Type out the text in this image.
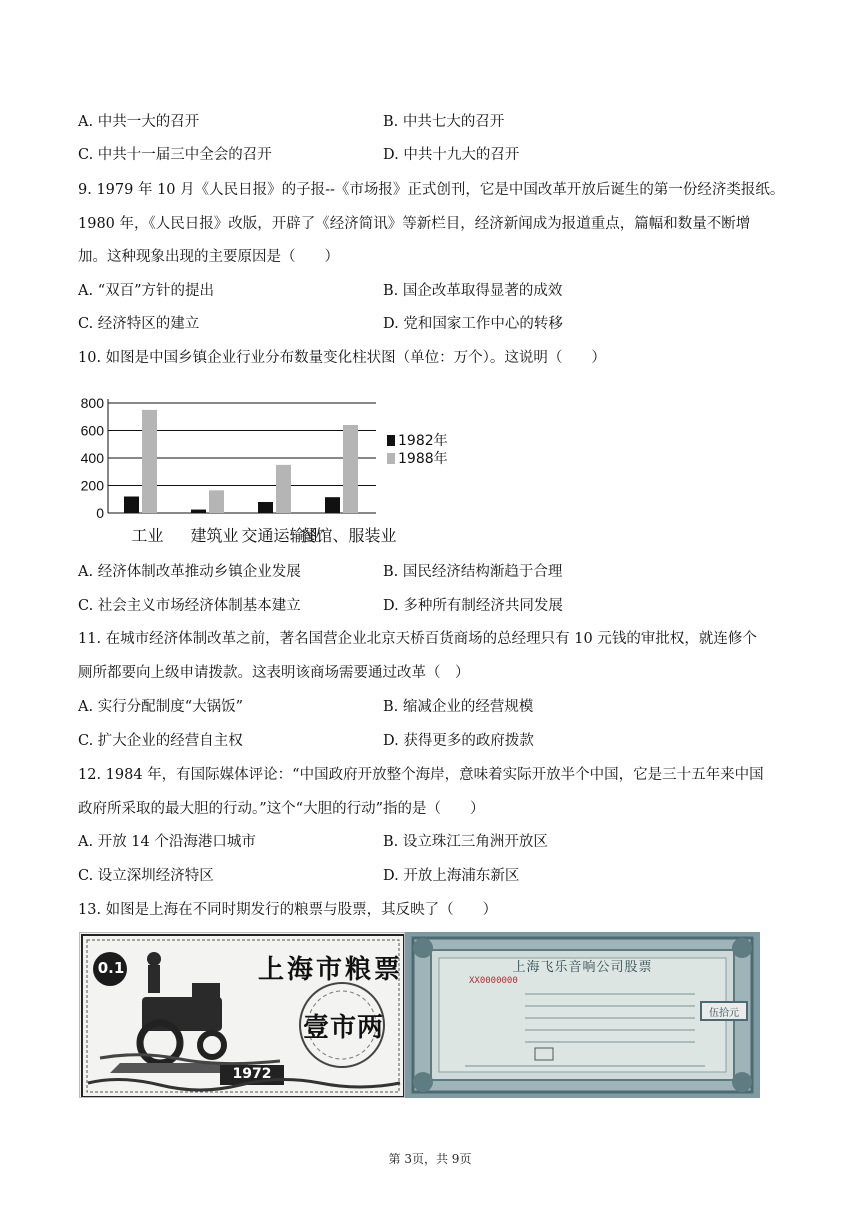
A. 中共一大的召开	B. 中共七大的召开
C. 中共十一届三中全会的召开	D. 中共十九大的召开
9. 1979 年 10 月《人民日报》的子报--《市场报》正式创刊，它是中国改革开放后诞生的第一份经济类报纸。
1980 年，《人民日报》改版，开辟了《经济简讯》等新栏目，经济新闻成为报道重点，篇幅和数量不断增
加。这种现象出现的主要原因是（　　）
A. “双百”方针的提出	B. 国企改革取得显著的成效
C. 经济特区的建立	D. 党和国家工作中心的转移
10. 如图是中国乡镇企业行业分布数量变化柱状图（单位：万个）。这说明（　　）
0
200
400
600
800
工业 建筑业 交通运输业
餐馆、服装业
1982年
1988年
A. 经济体制改革推动乡镇企业发展	B. 国民经济结构渐趋于合理
C. 社会主义市场经济体制基本建立	D. 多种所有制经济共同发展
11. 在城市经济体制改革之前，著名国营企业北京天桥百货商场的总经理只有 10 元钱的审批权，就连修个
厕所都要向上级申请拨款。这表明该商场需要通过改革（　）
A. 实行分配制度“大锅饭”	B. 缩减企业的经营规模
C. 扩大企业的经营自主权	D. 获得更多的政府拨款
12. 1984 年，有国际媒体评论：“中国政府开放整个海岸，意味着实际开放半个中国，它是三十五年来中国
政府所采取的最大胆的行动。”这个“大胆的行动”指的是（　　）
A. 开放 14 个沿海港口城市	B. 设立珠江三角洲开放区
C. 设立深圳经济特区	D. 开放上海浦东新区
13. 如图是上海在不同时期发行的粮票与股票，其反映了（　　）
0.1	上海市粮票
壹市两
1972
上海飞乐音响公司股票
XX0000000
伍拾元
第 3页，共 9页
